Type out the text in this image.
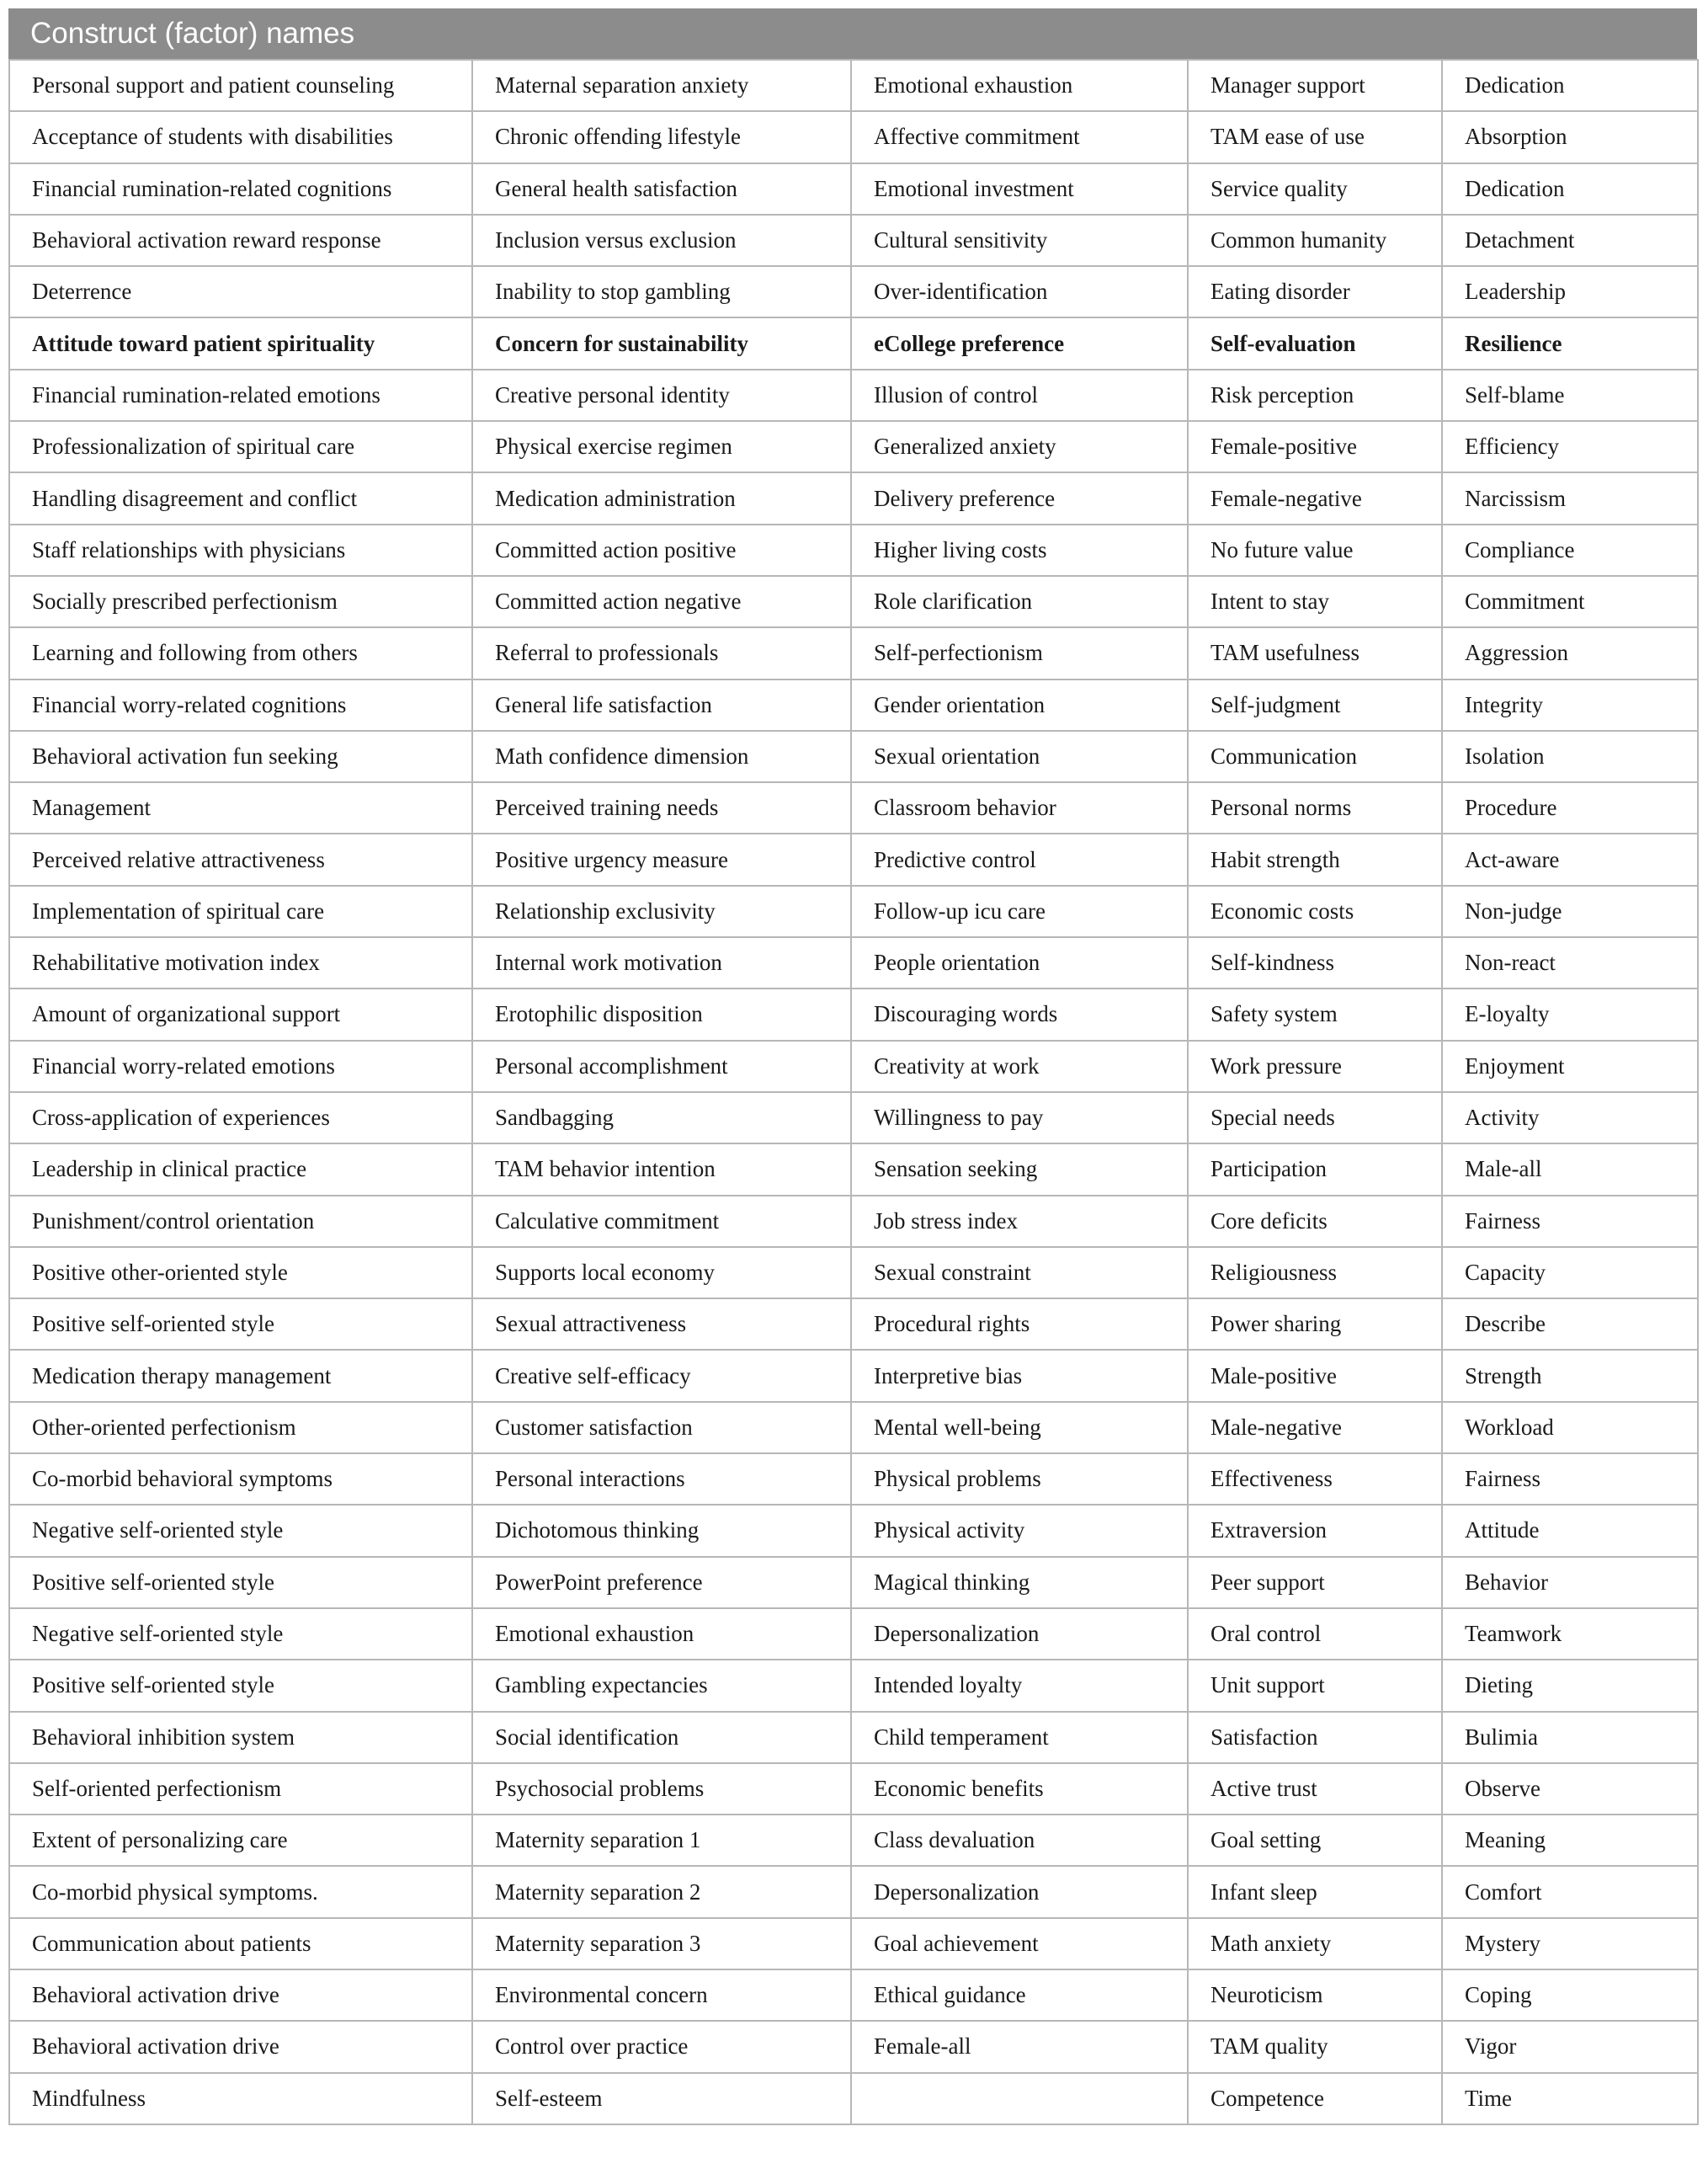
Construct (factor) names
Personal support and patient counseling	Maternal separation anxiety	Emotional exhaustion	Manager support	Dedication
Acceptance of students with disabilities	Chronic offending lifestyle	Affective commitment	TAM ease of use	Absorption
Financial rumination-related cognitions	General health satisfaction	Emotional investment	Service quality	Dedication
Behavioral activation reward response	Inclusion versus exclusion	Cultural sensitivity	Common humanity	Detachment
Deterrence	Inability to stop gambling	Over-identification	Eating disorder	Leadership
Attitude toward patient spirituality	Concern for sustainability	eCollege preference	Self-evaluation	Resilience
Financial rumination-related emotions	Creative personal identity	Illusion of control	Risk perception	Self-blame
Professionalization of spiritual care	Physical exercise regimen	Generalized anxiety	Female-positive	Efficiency
Handling disagreement and conflict	Medication administration	Delivery preference	Female-negative	Narcissism
Staff relationships with physicians	Committed action positive	Higher living costs	No future value	Compliance
Socially prescribed perfectionism	Committed action negative	Role clarification	Intent to stay	Commitment
Learning and following from others	Referral to professionals	Self-perfectionism	TAM usefulness	Aggression
Financial worry-related cognitions	General life satisfaction	Gender orientation	Self-judgment	Integrity
Behavioral activation fun seeking	Math confidence dimension	Sexual orientation	Communication	Isolation
Management	Perceived training needs	Classroom behavior	Personal norms	Procedure
Perceived relative attractiveness	Positive urgency measure	Predictive control	Habit strength	Act-aware
Implementation of spiritual care	Relationship exclusivity	Follow-up icu care	Economic costs	Non-judge
Rehabilitative motivation index	Internal work motivation	People orientation	Self-kindness	Non-react
Amount of organizational support	Erotophilic disposition	Discouraging words	Safety system	E-loyalty
Financial worry-related emotions	Personal accomplishment	Creativity at work	Work pressure	Enjoyment
Cross-application of experiences	Sandbagging	Willingness to pay	Special needs	Activity
Leadership in clinical practice	TAM behavior intention	Sensation seeking	Participation	Male-all
Punishment/control orientation	Calculative commitment	Job stress index	Core deficits	Fairness
Positive other-oriented style	Supports local economy	Sexual constraint	Religiousness	Capacity
Positive self-oriented style	Sexual attractiveness	Procedural rights	Power sharing	Describe
Medication therapy management	Creative self-efficacy	Interpretive bias	Male-positive	Strength
Other-oriented perfectionism	Customer satisfaction	Mental well-being	Male-negative	Workload
Co-morbid behavioral symptoms	Personal interactions	Physical problems	Effectiveness	Fairness
Negative self-oriented style	Dichotomous thinking	Physical activity	Extraversion	Attitude
Positive self-oriented style	PowerPoint preference	Magical thinking	Peer support	Behavior
Negative self-oriented style	Emotional exhaustion	Depersonalization	Oral control	Teamwork
Positive self-oriented style	Gambling expectancies	Intended loyalty	Unit support	Dieting
Behavioral inhibition system	Social identification	Child temperament	Satisfaction	Bulimia
Self-oriented perfectionism	Psychosocial problems	Economic benefits	Active trust	Observe
Extent of personalizing care	Maternity separation 1	Class devaluation	Goal setting	Meaning
Co-morbid physical symptoms.	Maternity separation 2	Depersonalization	Infant sleep	Comfort
Communication about patients	Maternity separation 3	Goal achievement	Math anxiety	Mystery
Behavioral activation drive	Environmental concern	Ethical guidance	Neuroticism	Coping
Behavioral activation drive	Control over practice	Female-all	TAM quality	Vigor
Mindfulness	Self-esteem		Competence	Time
